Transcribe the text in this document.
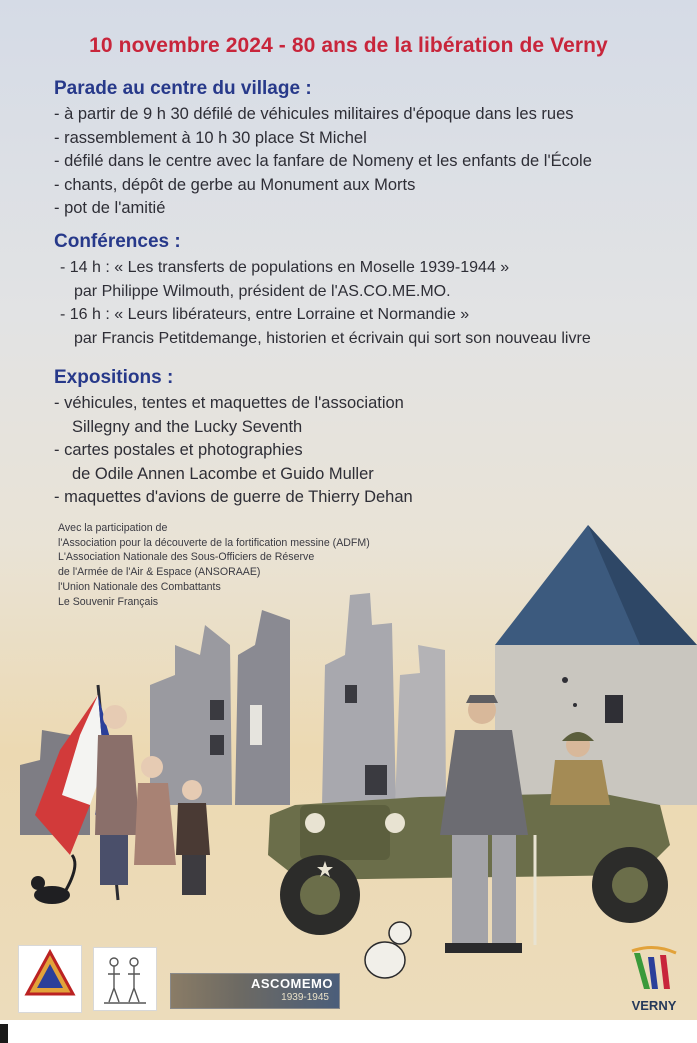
10 novembre 2024 - 80 ans de la libération de Verny
Parade au centre du village :
- à partir de 9 h 30 défilé de véhicules militaires d'époque dans les rues
- rassemblement à 10 h 30 place St Michel
- défilé dans le centre avec la fanfare de Nomeny et les enfants de l'École
- chants, dépôt de gerbe au Monument aux Morts
- pot de l'amitié
Conférences :
- 14 h : « Les transferts de populations en Moselle 1939-1944 »
par Philippe Wilmouth, président de l'AS.CO.ME.MO.
- 16 h : « Leurs libérateurs, entre Lorraine et Normandie »
par Francis Petitdemange, historien et écrivain qui sort son nouveau livre
Expositions :
- véhicules, tentes et maquettes de l'association
Sillegny and the Lucky Seventh
- cartes postales et photographies
de Odile Annen Lacombe et Guido Muller
- maquettes d'avions de guerre de Thierry Dehan
Avec la participation de
l'Association pour la découverte de la fortification messine (ADFM)
L'Association Nationale des Sous-Officiers de Réserve
de l'Armée de l'Air & Espace (ANSORAAE)
l'Union Nationale des Combattants
Le Souvenir Français
ASCOMEMO
1939-1945
VERNY
